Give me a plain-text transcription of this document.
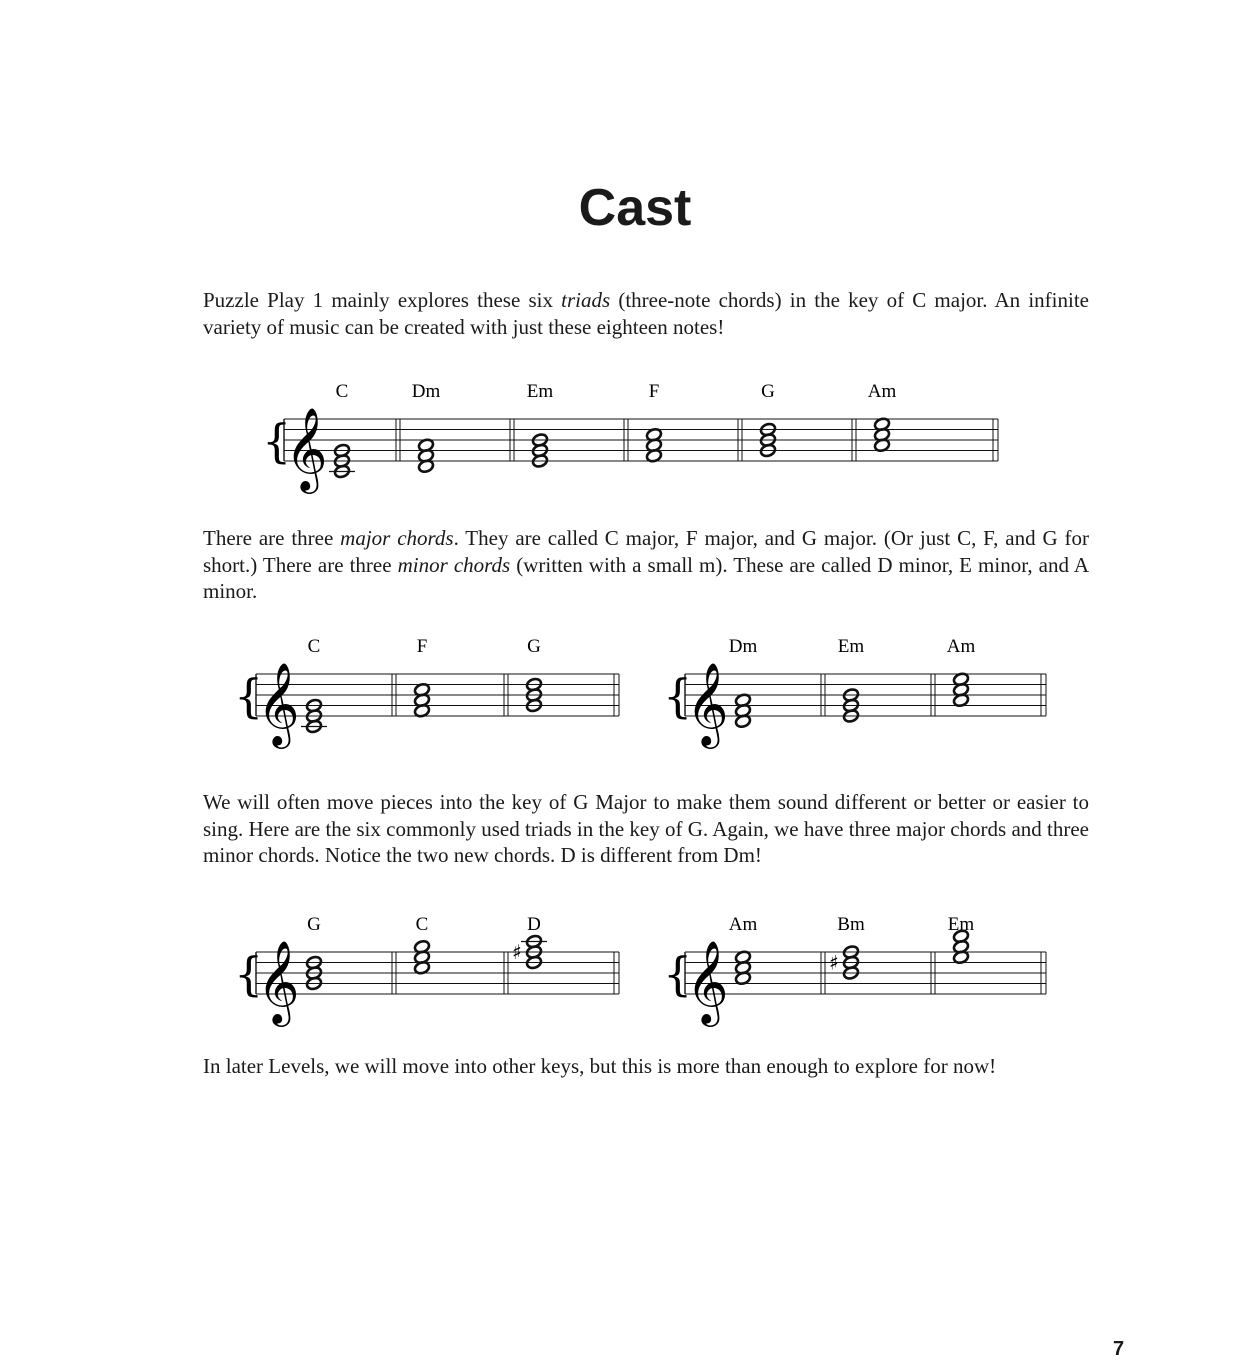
Cast

Puzzle Play 1 mainly explores these six triads (three-note chords) in the key of C major. An infinite variety of music can be created with just these eighteen notes!

There are three major chords. They are called C major, F major, and G major. (Or just C, F, and G for short.) There are three minor chords (written with a small m). These are called D minor, E minor, and A minor.

We will often move pieces into the key of G Major to make them sound different or better or easier to sing. Here are the six commonly used triads in the key of G. Again, we have three major chords and three minor chords. Notice the two new chords. D is different from Dm!

In later Levels, we will move into other keys, but this is more than enough to explore for now!

{
𝄞
C	Dm	Em	F	G	Am
{
𝄞
C	F	G
{
𝄞
Dm	Em	Am
{
𝄞
G	C	D
♯	{
𝄞
Am	Bm
♯
Em
7
